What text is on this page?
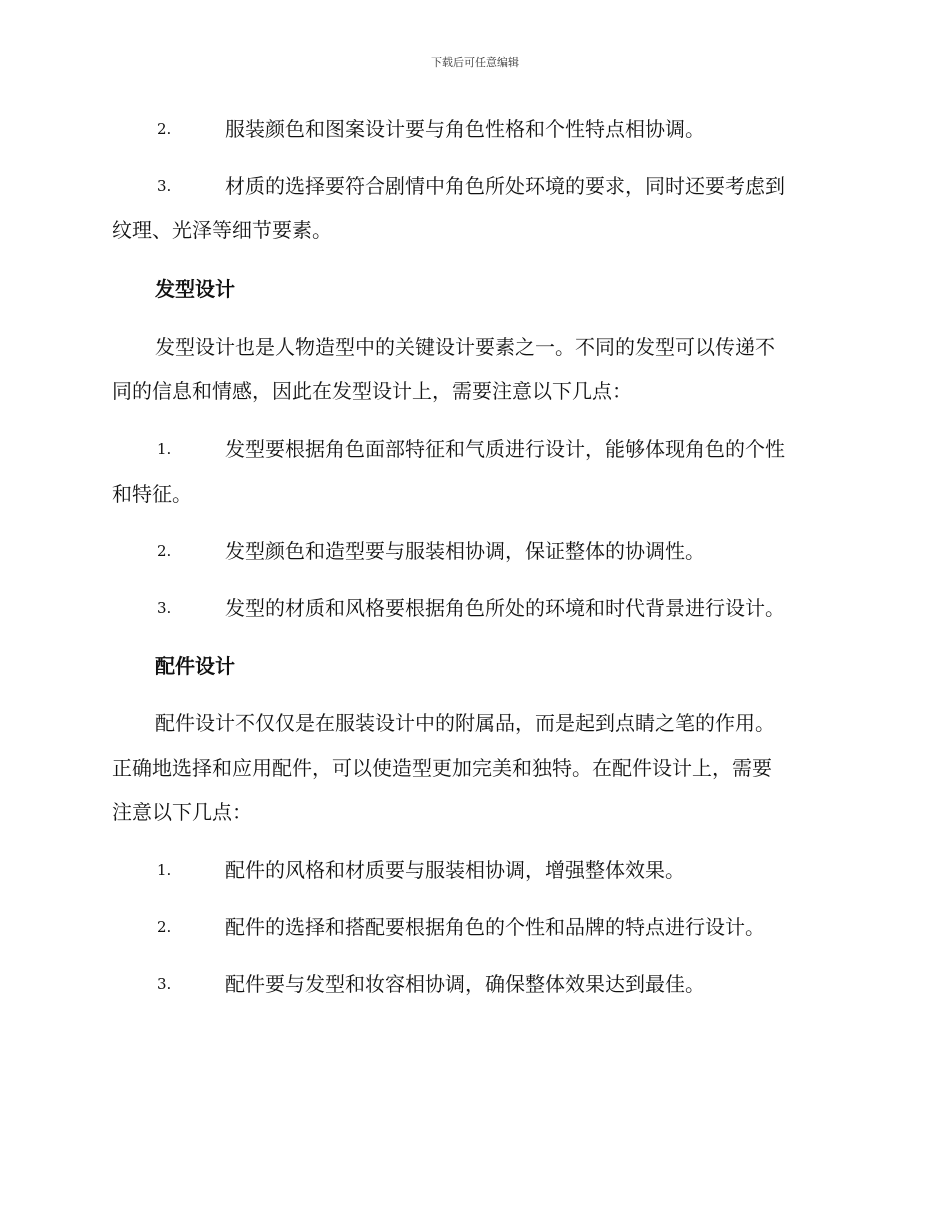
下载后可任意编辑
2.	服装颜色和图案设计要与角色性格和个性特点相协调。
3.	材质的选择要符合剧情中角色所处环境的要求，同时还要考虑到
纹理、光泽等细节要素。
发型设计
发型设计也是人物造型中的关键设计要素之一。不同的发型可以传递不
同的信息和情感，因此在发型设计上，需要注意以下几点：
1.	发型要根据角色面部特征和气质进行设计，能够体现角色的个性
和特征。
2.	发型颜色和造型要与服装相协调，保证整体的协调性。
3.	发型的材质和风格要根据角色所处的环境和时代背景进行设计。
配件设计
配件设计不仅仅是在服装设计中的附属品，而是起到点睛之笔的作用。
正确地选择和应用配件，可以使造型更加完美和独特。在配件设计上，需要
注意以下几点：
1.	配件的风格和材质要与服装相协调，增强整体效果。
2.	配件的选择和搭配要根据角色的个性和品牌的特点进行设计。
3.	配件要与发型和妆容相协调，确保整体效果达到最佳。
